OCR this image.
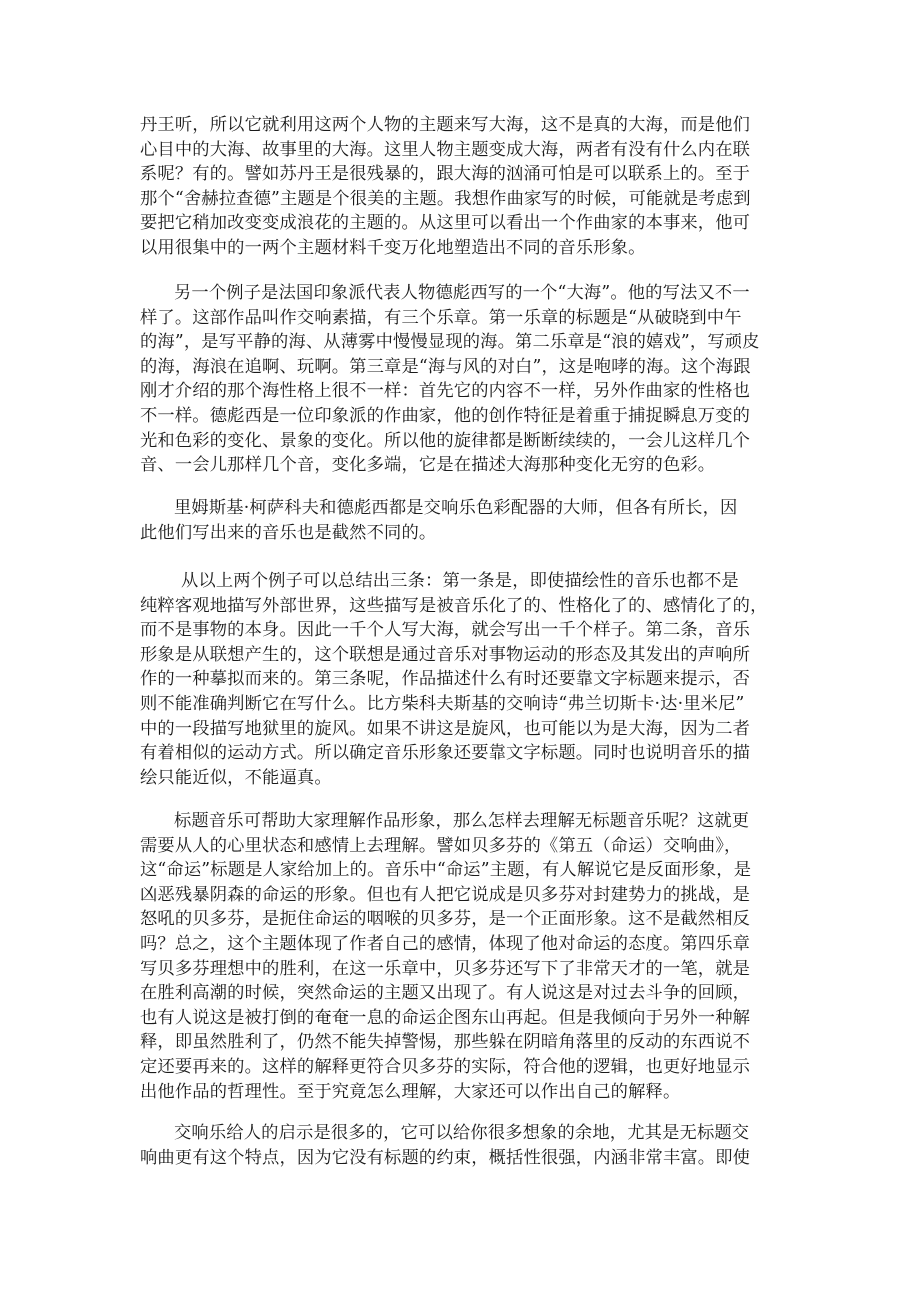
丹王听，所以它就利用这两个人物的主题来写大海，这不是真的大海，而是他们
心目中的大海、故事里的大海。这里人物主题变成大海，两者有没有什么内在联
系呢？有的。譬如苏丹王是很残暴的，跟大海的汹涌可怕是可以联系上的。至于
那个“舍赫拉查德”主题是个很美的主题。我想作曲家写的时候，可能就是考虑到
要把它稍加改变变成浪花的主题的。从这里可以看出一个作曲家的本事来，他可
以用很集中的一两个主题材料千变万化地塑造出不同的音乐形象。
另一个例子是法国印象派代表人物德彪西写的一个“大海”。他的写法又不一
样了。这部作品叫作交响素描，有三个乐章。第一乐章的标题是“从破晓到中午
的海”，是写平静的海、从薄雾中慢慢显现的海。第二乐章是“浪的嬉戏”，写顽皮
的海，海浪在追啊、玩啊。第三章是“海与风的对白”，这是咆哮的海。这个海跟
刚才介绍的那个海性格上很不一样：首先它的内容不一样，另外作曲家的性格也
不一样。德彪西是一位印象派的作曲家，他的创作特征是着重于捕捉瞬息万变的
光和色彩的变化、景象的变化。所以他的旋律都是断断续续的，一会儿这样几个
音、一会儿那样几个音，变化多端，它是在描述大海那种变化无穷的色彩。
里姆斯基·柯萨科夫和德彪西都是交响乐色彩配器的大师，但各有所长，因
此他们写出来的音乐也是截然不同的。
从以上两个例子可以总结出三条：第一条是，即使描绘性的音乐也都不是
纯粹客观地描写外部世界，这些描写是被音乐化了的、性格化了的、感情化了的，
而不是事物的本身。因此一千个人写大海，就会写出一千个样子。第二条，音乐
形象是从联想产生的，这个联想是通过音乐对事物运动的形态及其发出的声响所
作的一种摹拟而来的。第三条呢，作品描述什么有时还要靠文字标题来提示，否
则不能准确判断它在写什么。比方柴科夫斯基的交响诗“弗兰切斯卡·达·里米尼”
中的一段描写地狱里的旋风。如果不讲这是旋风，也可能以为是大海，因为二者
有着相似的运动方式。所以确定音乐形象还要靠文字标题。同时也说明音乐的描
绘只能近似，不能逼真。
标题音乐可帮助大家理解作品形象，那么怎样去理解无标题音乐呢？这就更
需要从人的心里状态和感情上去理解。譬如贝多芬的《第五（命运）交响曲》，
这“命运”标题是人家给加上的。音乐中“命运”主题，有人解说它是反面形象，是
凶恶残暴阴森的命运的形象。但也有人把它说成是贝多芬对封建势力的挑战，是
怒吼的贝多芬，是扼住命运的咽喉的贝多芬，是一个正面形象。这不是截然相反
吗？总之，这个主题体现了作者自己的感情，体现了他对命运的态度。第四乐章
写贝多芬理想中的胜利，在这一乐章中，贝多芬还写下了非常天才的一笔，就是
在胜利高潮的时候，突然命运的主题又出现了。有人说这是对过去斗争的回顾，
也有人说这是被打倒的奄奄一息的命运企图东山再起。但是我倾向于另外一种解
释，即虽然胜利了，仍然不能失掉警惕，那些躲在阴暗角落里的反动的东西说不
定还要再来的。这样的解释更符合贝多芬的实际，符合他的逻辑，也更好地显示
出他作品的哲理性。至于究竟怎么理解，大家还可以作出自己的解释。
交响乐给人的启示是很多的，它可以给你很多想象的余地，尤其是无标题交
响曲更有这个特点，因为它没有标题的约束，概括性很强，内涵非常丰富。即使
